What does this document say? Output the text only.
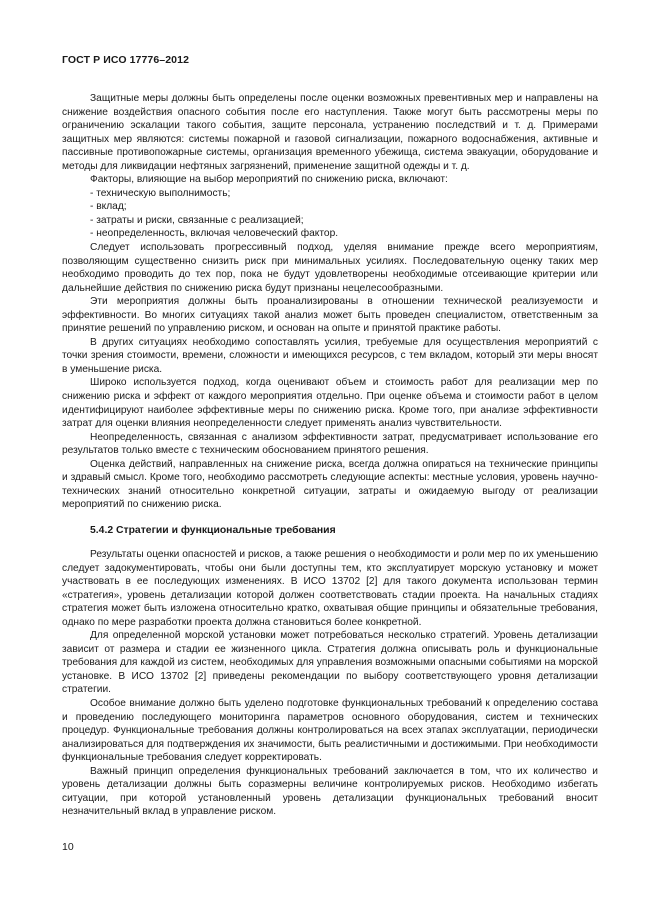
ГОСТ Р ИСО 17776–2012

Защитные меры должны быть определены после оценки возможных превентивных мер и направлены на снижение воздействия опасного события после его наступления. Также могут быть рассмотрены меры по ограничению эскалации такого события, защите персонала, устранению последствий и т. д. Примерами защитных мер являются: системы пожарной и газовой сигнализации, пожарного водоснабжения, активные и пассивные противопожарные системы, организация временного убежища, система эвакуации, оборудование и методы для ликвидации нефтяных загрязнений, применение защитной одежды и т. д.

Факторы, влияющие на выбор мероприятий по снижению риска, включают:

- техническую выполнимость;
- вклад;
- затраты и риски, связанные с реализацией;
- неопределенность, включая человеческий фактор.

Следует использовать прогрессивный подход, уделяя внимание прежде всего мероприятиям, позволяющим существенно снизить риск при минимальных усилиях. Последовательную оценку таких мер необходимо проводить до тех пор, пока не будут удовлетворены необходимые отсеивающие критерии или дальнейшие действия по снижению риска будут признаны нецелесообразными.

Эти мероприятия должны быть проанализированы в отношении технической реализуемости и эффективности. Во многих ситуациях такой анализ может быть проведен специалистом, ответственным за принятие решений по управлению риском, и основан на опыте и принятой практике работы.

В других ситуациях необходимо сопоставлять усилия, требуемые для осуществления мероприятий с точки зрения стоимости, времени, сложности и имеющихся ресурсов, с тем вкладом, который эти меры вносят в уменьшение риска.

Широко используется подход, когда оценивают объем и стоимость работ для реализации мер по снижению риска и эффект от каждого мероприятия отдельно. При оценке объема и стоимости работ в целом идентифицируют наиболее эффективные меры по снижению риска. Кроме того, при анализе эффективности затрат для оценки влияния неопределенности следует применять анализ чувствительности.

Неопределенность, связанная с анализом эффективности затрат, предусматривает использование его результатов только вместе с техническим обоснованием принятого решения.

Оценка действий, направленных на снижение риска, всегда должна опираться на технические принципы и здравый смысл. Кроме того, необходимо рассмотреть следующие аспекты: местные условия, уровень научно-технических знаний относительно конкретной ситуации, затраты и ожидаемую выгоду от реализации мероприятий по снижению риска.

5.4.2 Стратегии и функциональные требования

Результаты оценки опасностей и рисков, а также решения о необходимости и роли мер по их уменьшению следует задокументировать, чтобы они были доступны тем, кто эксплуатирует морскую установку и может участвовать в ее последующих изменениях. В ИСО 13702 [2] для такого документа использован термин «стратегия», уровень детализации которой должен соответствовать стадии проекта. На начальных стадиях стратегия может быть изложена относительно кратко, охватывая общие принципы и обязательные требования, однако по мере разработки проекта должна становиться более конкретной.

Для определенной морской установки может потребоваться несколько стратегий. Уровень детализации зависит от размера и стадии ее жизненного цикла. Стратегия должна описывать роль и функциональные требования для каждой из систем, необходимых для управления возможными опасными событиями на морской установке. В ИСО 13702 [2] приведены рекомендации по выбору соответствующего уровня детализации стратегии.

Особое внимание должно быть уделено подготовке функциональных требований к определению состава и проведению последующего мониторинга параметров основного оборудования, систем и технических процедур. Функциональные требования должны контролироваться на всех этапах эксплуатации, периодически анализироваться для подтверждения их значимости, быть реалистичными и достижимыми. При необходимости функциональные требования следует корректировать.

Важный принцип определения функциональных требований заключается в том, что их количество и уровень детализации должны быть соразмерны величине контролируемых рисков. Необходимо избегать ситуации, при которой установленный уровень детализации функциональных требований вносит незначительный вклад в управление риском.

10
